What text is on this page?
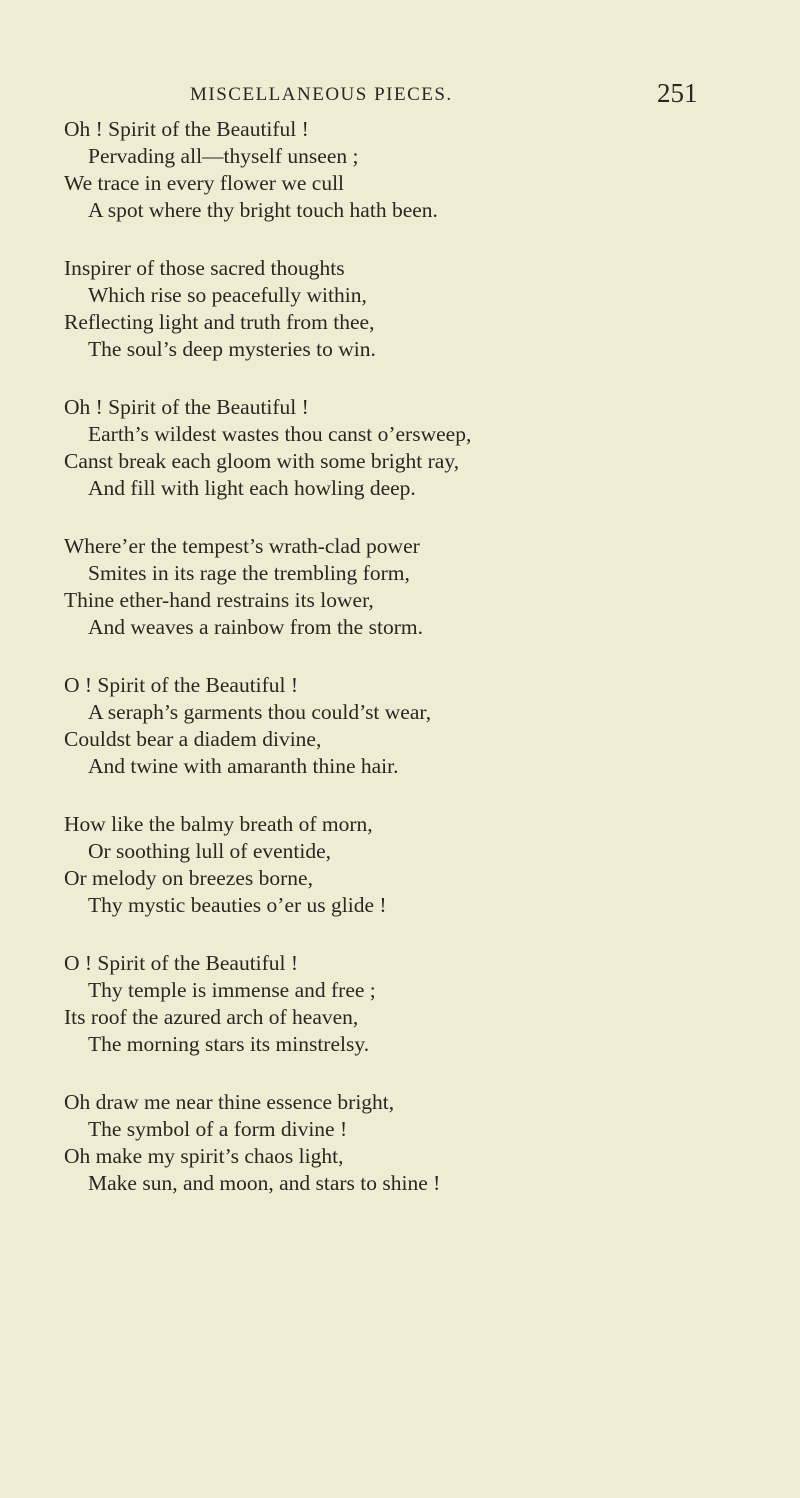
MISCELLANEOUS PIECES.	251
Oh ! Spirit of the Beautiful !
Pervading all—thyself unseen ;
We trace in every flower we cull
A spot where thy bright touch hath been.
Inspirer of those sacred thoughts
Which rise so peacefully within,
Reflecting light and truth from thee,
The soul’s deep mysteries to win.
Oh ! Spirit of the Beautiful !
Earth’s wildest wastes thou canst o’ersweep,
Canst break each gloom with some bright ray,
And fill with light each howling deep.
Where’er the tempest’s wrath-clad power
Smites in its rage the trembling form,
Thine ether-hand restrains its lower,
And weaves a rainbow from the storm.
O ! Spirit of the Beautiful !
A seraph’s garments thou could’st wear,
Couldst bear a diadem divine,
And twine with amaranth thine hair.
How like the balmy breath of morn,
Or soothing lull of eventide,
Or melody on breezes borne,
Thy mystic beauties o’er us glide !
O ! Spirit of the Beautiful !
Thy temple is immense and free ;
Its roof the azured arch of heaven,
The morning stars its minstrelsy.
Oh draw me near thine essence bright,
The symbol of a form divine !
Oh make my spirit’s chaos light,
Make sun, and moon, and stars to shine !
